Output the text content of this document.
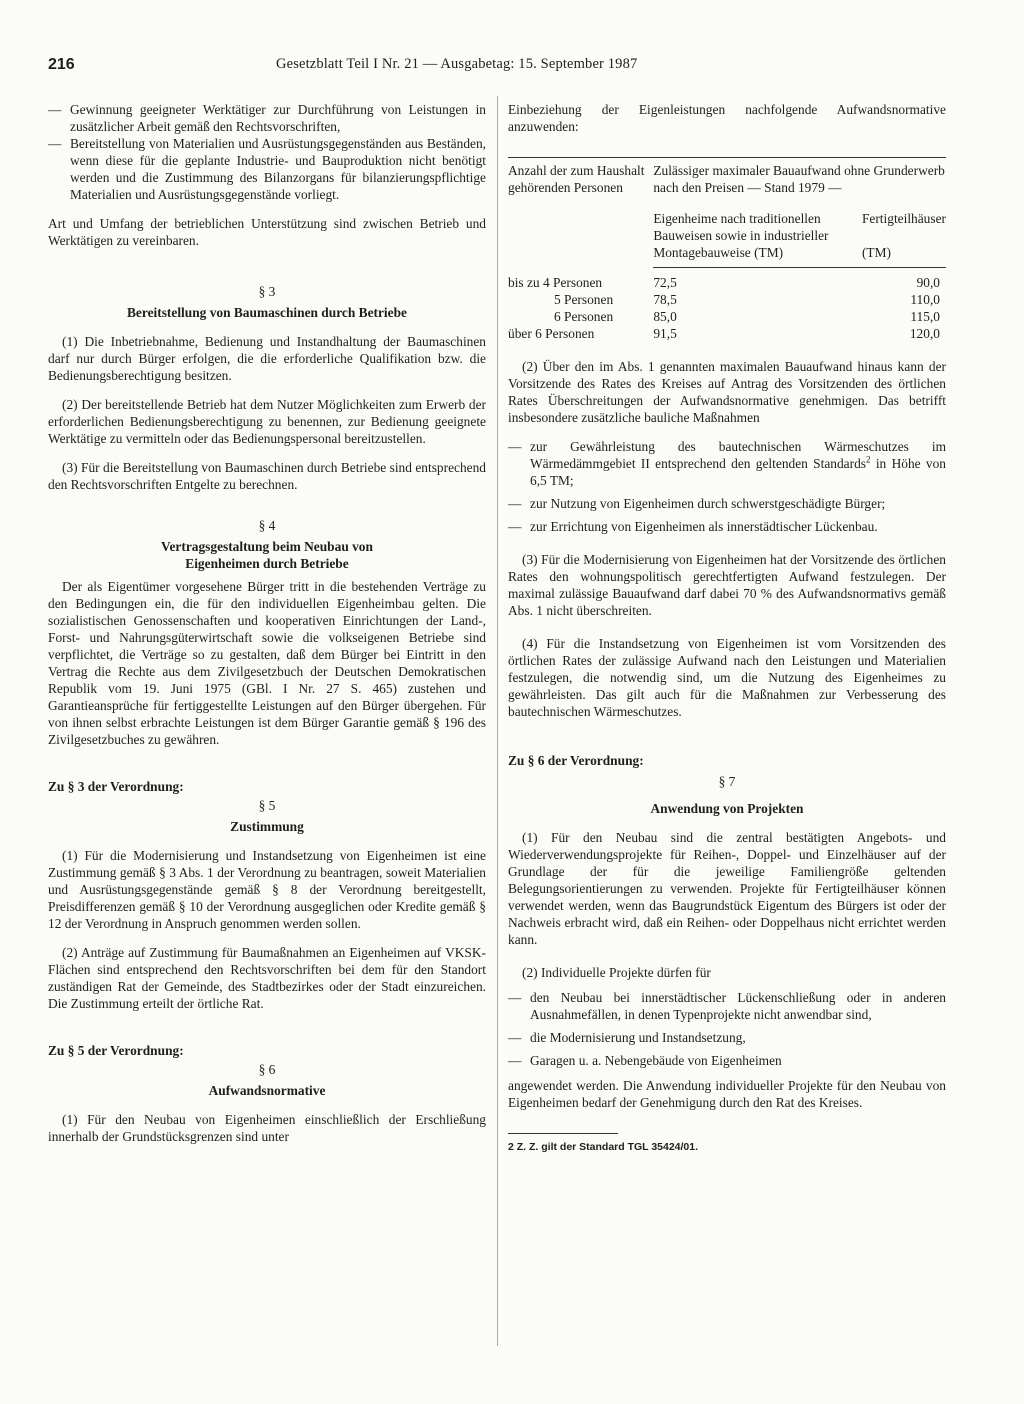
216	Gesetzblatt Teil I Nr. 21 — Ausgabetag: 15. September 1987
— Gewinnung geeigneter Werktätiger zur Durchführung von Leistungen in zusätzlicher Arbeit gemäß den Rechtsvorschriften,
— Bereitstellung von Materialien und Ausrüstungsgegenständen aus Beständen, wenn diese für die geplante Industrie- und Bauproduktion nicht benötigt werden und die Zustimmung des Bilanzorgans für bilanzierungspflichtige Materialien und Ausrüstungsgegenstände vorliegt.

Art und Umfang der betrieblichen Unterstützung sind zwischen Betrieb und Werktätigen zu vereinbaren.

§ 3
Bereitstellung von Baumaschinen durch Betriebe

(1) Die Inbetriebnahme, Bedienung und Instandhaltung der Baumaschinen darf nur durch Bürger erfolgen, die die erforderliche Qualifikation bzw. die Bedienungsberechtigung besitzen.

(2) Der bereitstellende Betrieb hat dem Nutzer Möglichkeiten zum Erwerb der erforderlichen Bedienungsberechtigung zu benennen, zur Bedienung geeignete Werktätige zu vermitteln oder das Bedienungspersonal bereitzustellen.

(3) Für die Bereitstellung von Baumaschinen durch Betriebe sind entsprechend den Rechtsvorschriften Entgelte zu berechnen.

§ 4
Vertragsgestaltung beim Neubau von
Eigenheimen durch Betriebe

Der als Eigentümer vorgesehene Bürger tritt in die bestehenden Verträge zu den Bedingungen ein, die für den individuellen Eigenheimbau gelten. Die sozialistischen Genossenschaften und kooperativen Einrichtungen der Land-, Forst- und Nahrungsgüterwirtschaft sowie die volkseigenen Betriebe sind verpflichtet, die Verträge so zu gestalten, daß dem Bürger bei Eintritt in den Vertrag die Rechte aus dem Zivilgesetzbuch der Deutschen Demokratischen Republik vom 19. Juni 1975 (GBl. I Nr. 27 S. 465) zustehen und Garantieansprüche für fertiggestellte Leistungen auf den Bürger übergehen. Für von ihnen selbst erbrachte Leistungen ist dem Bürger Garantie gemäß § 196 des Zivilgesetzbuches zu gewähren.

Zu § 3 der Verordnung:
§ 5
Zustimmung

(1) Für die Modernisierung und Instandsetzung von Eigenheimen ist eine Zustimmung gemäß § 3 Abs. 1 der Verordnung zu beantragen, soweit Materialien und Ausrüstungsgegenstände gemäß § 8 der Verordnung bereitgestellt, Preisdifferenzen gemäß § 10 der Verordnung ausgeglichen oder Kredite gemäß § 12 der Verordnung in Anspruch genommen werden sollen.

(2) Anträge auf Zustimmung für Baumaßnahmen an Eigenheimen auf VKSK-Flächen sind entsprechend den Rechtsvorschriften bei dem für den Standort zuständigen Rat der Gemeinde, des Stadtbezirkes oder der Stadt einzureichen. Die Zustimmung erteilt der örtliche Rat.

Zu § 5 der Verordnung:
§ 6
Aufwandsnormative

(1) Für den Neubau von Eigenheimen einschließlich der Erschließung innerhalb der Grundstücksgrenzen sind unter

Einbeziehung der Eigenleistungen nachfolgende Aufwandsnormative anzuwenden:

Anzahl der zum Haushalt gehörenden Personen	Zulässiger maximaler Bauaufwand ohne Grunderwerb nach den Preisen — Stand 1979 —	
	Eigenheime nach traditionellen Bauweisen sowie in industrieller Montagebauweise (TM)	Fertigteilhäuser
(TM)

bis zu 4 Personen	72,5	90,0
5 Personen	78,5	110,0
6 Personen	85,0	115,0
über 6 Personen	91,5	120,0

(2) Über den im Abs. 1 genannten maximalen Bauaufwand hinaus kann der Vorsitzende des Rates des Kreises auf Antrag des Vorsitzenden des örtlichen Rates Überschreitungen der Aufwandsnormative genehmigen. Das betrifft insbesondere zusätzliche bauliche Maßnahmen

— zur Gewährleistung des bautechnischen Wärmeschutzes im Wärmedämmgebiet II entsprechend den geltenden Standards$^2$ in Höhe von 6,5 TM;
— zur Nutzung von Eigenheimen durch schwerstgeschädigte Bürger;
— zur Errichtung von Eigenheimen als innerstädtischer Lückenbau.

(3) Für die Modernisierung von Eigenheimen hat der Vorsitzende des örtlichen Rates den wohnungspolitisch gerechtfertigten Aufwand festzulegen. Der maximal zulässige Bauaufwand darf dabei 70 % des Aufwandsnormativs gemäß Abs. 1 nicht überschreiten.

(4) Für die Instandsetzung von Eigenheimen ist vom Vorsitzenden des örtlichen Rates der zulässige Aufwand nach den Leistungen und Materialien festzulegen, die notwendig sind, um die Nutzung des Eigenheimes zu gewährleisten. Das gilt auch für die Maßnahmen zur Verbesserung des bautechnischen Wärmeschutzes.

Zu § 6 der Verordnung:
§ 7
Anwendung von Projekten

(1) Für den Neubau sind die zentral bestätigten Angebots- und Wiederverwendungsprojekte für Reihen-, Doppel- und Einzelhäuser auf der Grundlage der für die jeweilige Familiengröße geltenden Belegungsorientierungen zu verwenden. Projekte für Fertigteilhäuser können verwendet werden, wenn das Baugrundstück Eigentum des Bürgers ist oder der Nachweis erbracht wird, daß ein Reihen- oder Doppelhaus nicht errichtet werden kann.

(2) Individuelle Projekte dürfen für

— den Neubau bei innerstädtischer Lückenschließung oder in anderen Ausnahmefällen, in denen Typenprojekte nicht anwendbar sind,
— die Modernisierung und Instandsetzung,
— Garagen u. a. Nebengebäude von Eigenheimen

angewendet werden. Die Anwendung individueller Projekte für den Neubau von Eigenheimen bedarf der Genehmigung durch den Rat des Kreises.

2 Z. Z. gilt der Standard TGL 35424/01.
